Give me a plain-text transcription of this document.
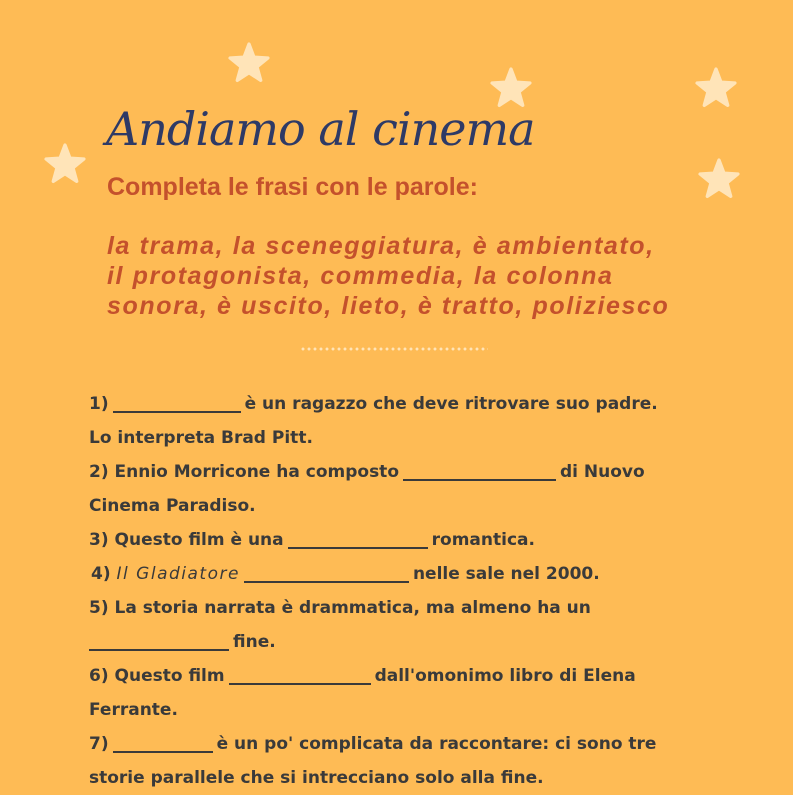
Andiamo al cinema
Completa le frasi con le parole:
la trama, la sceneggiatura, è ambientato,
il protagonista, commedia, la colonna
sonora, è uscito, lieto, è tratto, poliziesco
1)	è un ragazzo che deve ritrovare suo padre.
Lo interpreta Brad Pitt.
2) Ennio Morricone ha composto	di Nuovo
Cinema Paradiso.
3) Questo film è una	romantica.
4) Il Gladiatore	nelle sale nel 2000.
5) La storia narrata è drammatica, ma almeno ha un
fine.
6) Questo film	dall'omonimo libro di Elena
Ferrante.
7)	è un po' complicata da raccontare: ci sono tre
storie parallele che si intrecciano solo alla fine.
